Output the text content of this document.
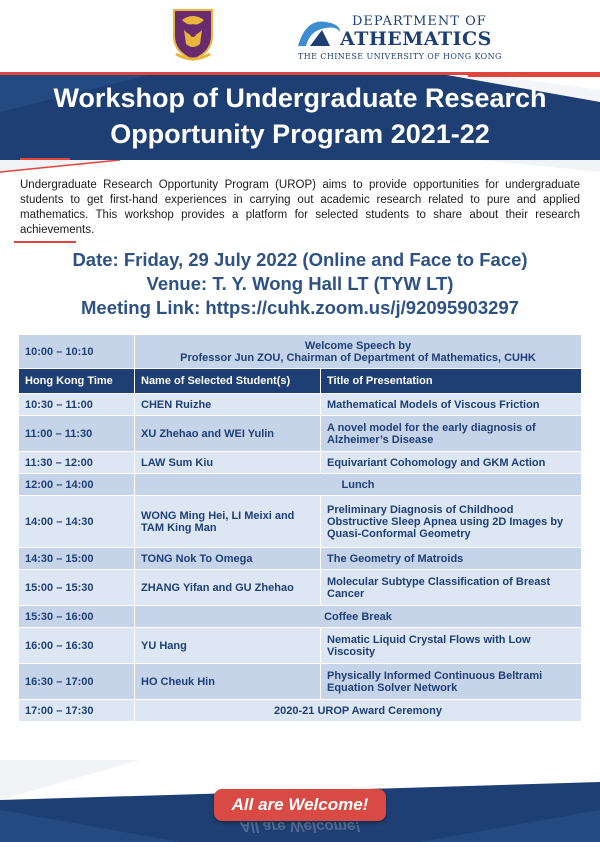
DEPARTMENT OF
ATHEMATICS
THE CHINESE UNIVERSITY OF HONG KONG
Workshop of Undergraduate Research
Opportunity Program 2021-22

Undergraduate Research Opportunity Program (UROP) aims to provide opportunities for undergraduate students to get first-hand experiences in carrying out academic research related to pure and applied mathematics. This workshop provides a platform for selected students to share about their research achievements.

Date: Friday, 29 July 2022 (Online and Face to Face)
Venue: T. Y. Wong Hall LT (TYW LT)
Meeting Link: https://cuhk.zoom.us/j/92095903297
10:00 – 10:10	Welcome Speech by
Professor Jun ZOU, Chairman of Department of Mathematics, CUHK	

Hong Kong Time	Name of Selected Student(s)	Title of Presentation
10:30 – 11:00	CHEN Ruizhe	Mathematical Models of Viscous Friction
11:00 – 11:30	XU Zhehao and WEI Yulin	A novel model for the early diagnosis of Alzheimer’s Disease
11:30 – 12:00	LAW Sum Kiu	Equivariant Cohomology and GKM Action
12:00 – 14:00	Lunch	
14:00 – 14:30	WONG Ming Hei, LI Meixi and TAM King Man	Preliminary Diagnosis of Childhood Obstructive Sleep Apnea using 2D Images by Quasi-Conformal Geometry
14:30 – 15:00	TONG Nok To Omega	The Geometry of Matroids
15:00 – 15:30	ZHANG Yifan and GU Zhehao	Molecular Subtype Classification of Breast Cancer
15:30 – 16:00	Coffee Break	
16:00 – 16:30	YU Hang	Nematic Liquid Crystal Flows with Low Viscosity
16:30 – 17:00	HO Cheuk Hin	Physically Informed Continuous Beltrami Equation Solver Network
17:00 – 17:30	2020-21 UROP Award Ceremony	
All are Welcome!
All are Welcome!
